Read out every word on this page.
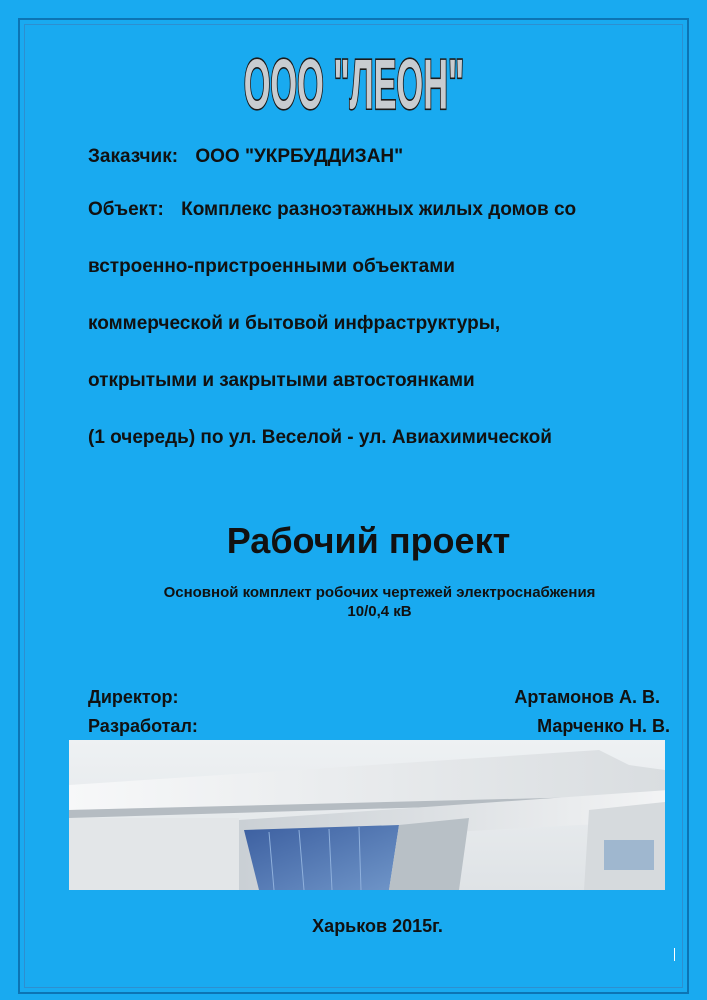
ООО "ЛЕОН"
Заказчик: ООО "УКРБУДДИЗАН"
Объект: Комплекс разноэтажных жилых домов со
встроенно-пристроенными объектами
коммерческой и бытовой инфраструктуры,
открытыми и закрытыми автостоянками
(1 очередь) по ул. Веселой - ул. Авиахимической
Рабочий проект
Основной комплект робочих чертежей электроснабжения
10/0,4 кВ
Директор:	Артамонов А. В.
Разработал:	Марченко Н. В.
Харьков 2015г.
